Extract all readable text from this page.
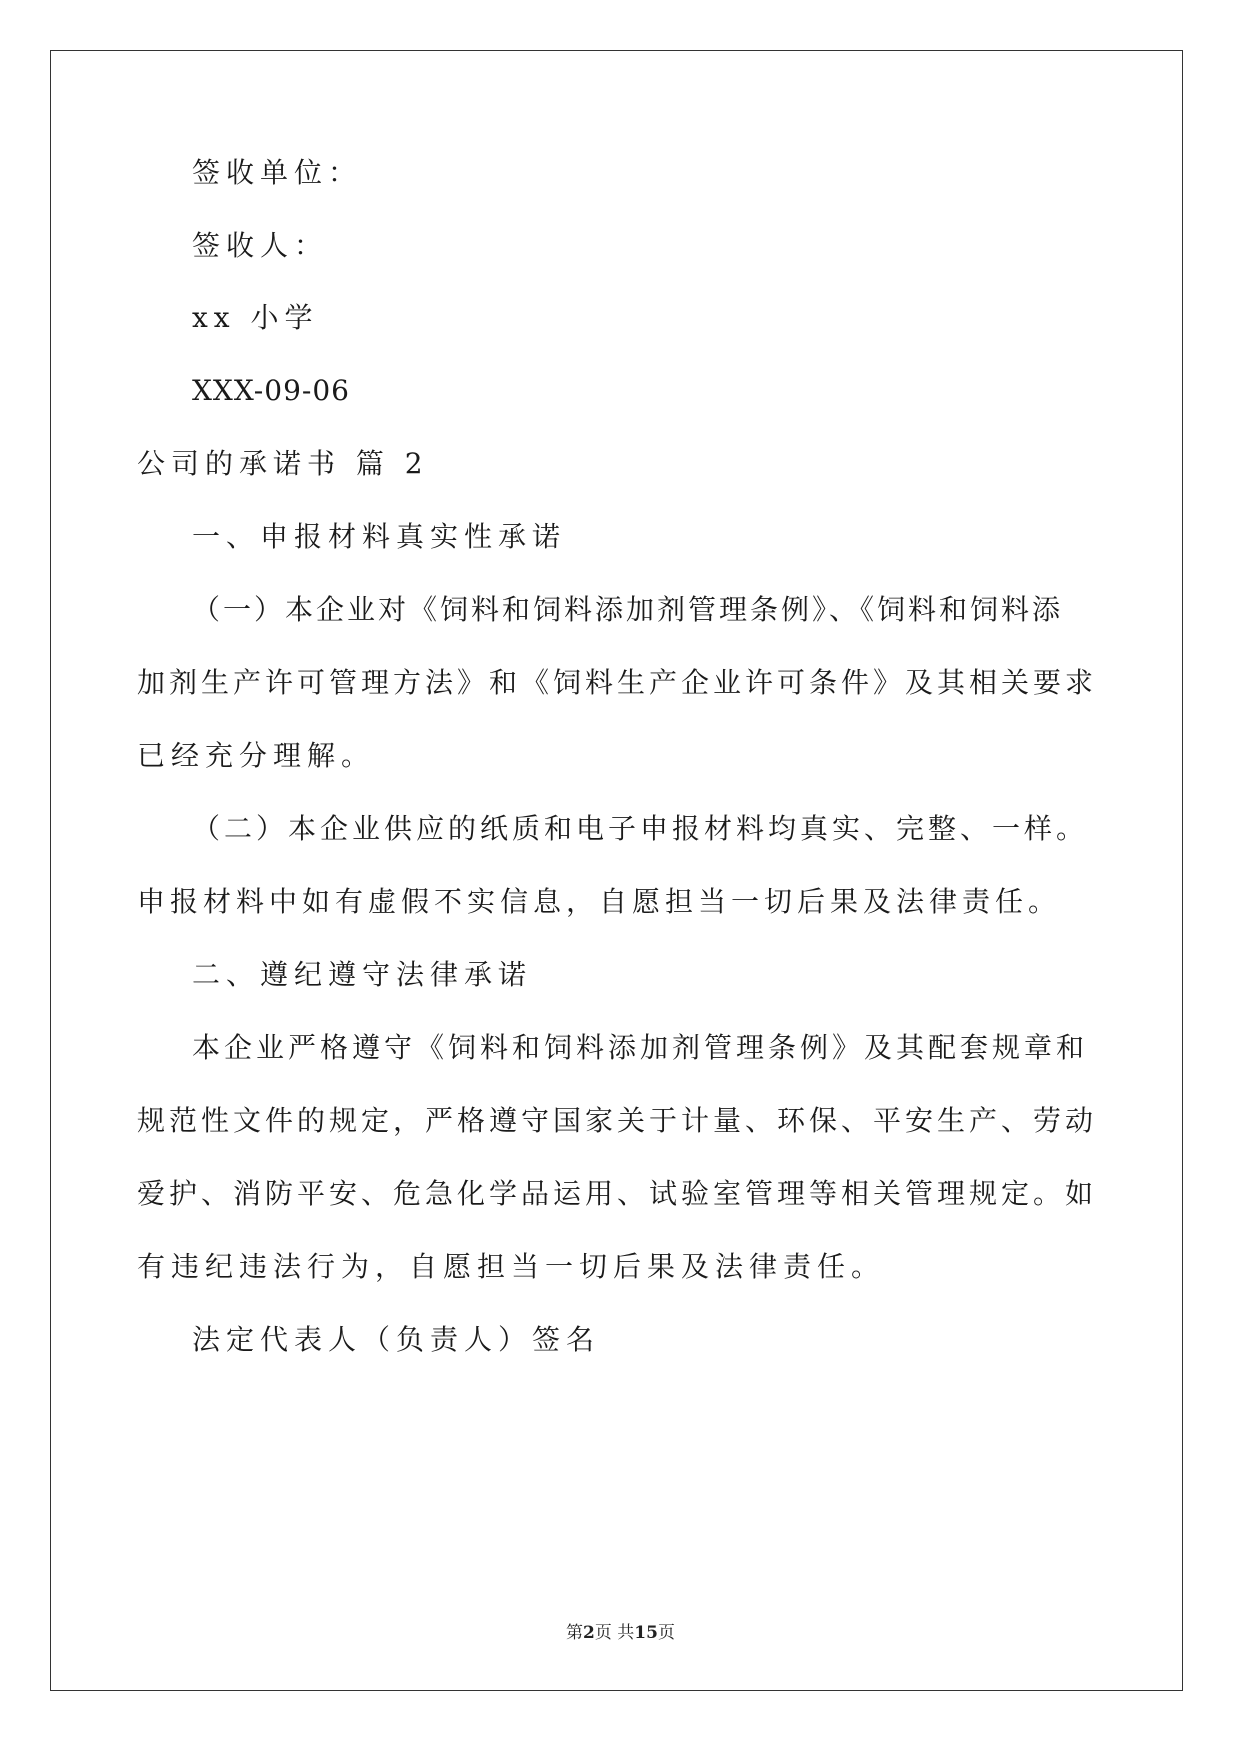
签收单位：
签收人：
xx 小学
XXX-09-06
公司的承诺书 篇 2
一、申报材料真实性承诺
（一）本企业对《饲料和饲料添加剂管理条例》、《饲料和饲料添
加剂生产许可管理方法》和《饲料生产企业许可条件》及其相关要求
已经充分理解。
（二）本企业供应的纸质和电子申报材料均真实、完整、一样。
申报材料中如有虚假不实信息，自愿担当一切后果及法律责任。
二、遵纪遵守法律承诺
本企业严格遵守《饲料和饲料添加剂管理条例》及其配套规章和
规范性文件的规定，严格遵守国家关于计量、环保、平安生产、劳动
爱护、消防平安、危急化学品运用、试验室管理等相关管理规定。如
有违纪违法行为，自愿担当一切后果及法律责任。
法定代表人（负责人）签名
第2页 共15页
